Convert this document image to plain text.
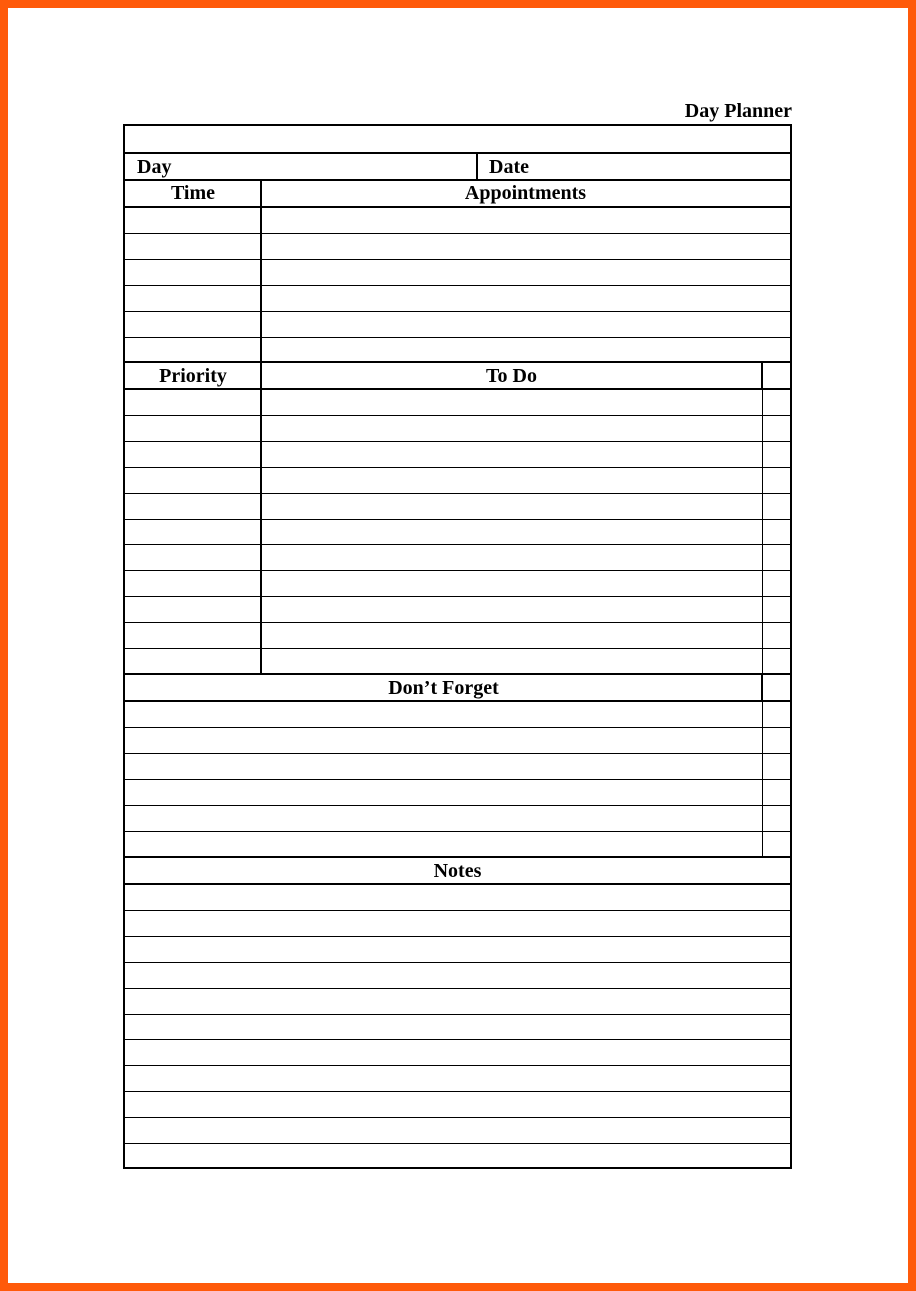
Day Planner
Day	Date
Time	Appointments
Priority	To Do
Don’t Forget
Notes
